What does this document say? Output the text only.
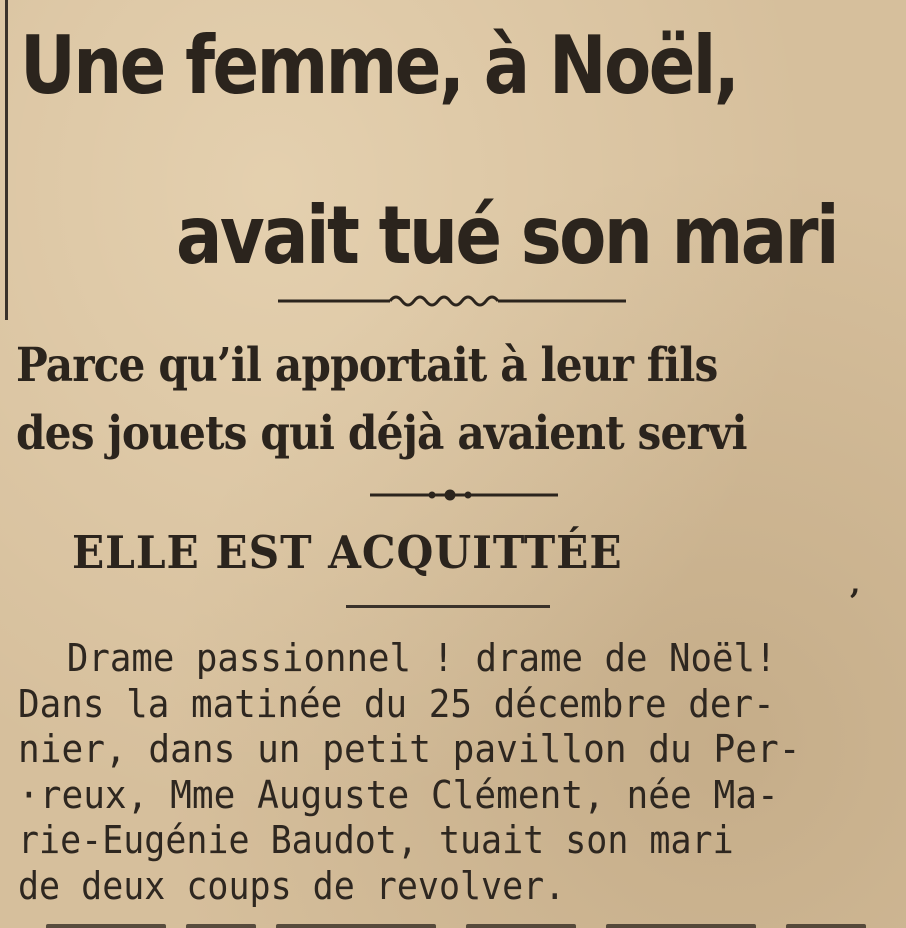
Une femme, à Noël,
avait tué son mari
Parce qu’il apportait à leur fils
des jouets qui déjà avaient servi
ELLE EST ACQUITTÉE
,
Drame passionnel ! drame de Noël!
Dans la matinée du 25 décembre der-
nier, dans un petit pavillon du Per-
·reux, Mme Auguste Clément, née Ma-
rie-Eugénie Baudot, tuait son mari
de deux coups de revolver.
